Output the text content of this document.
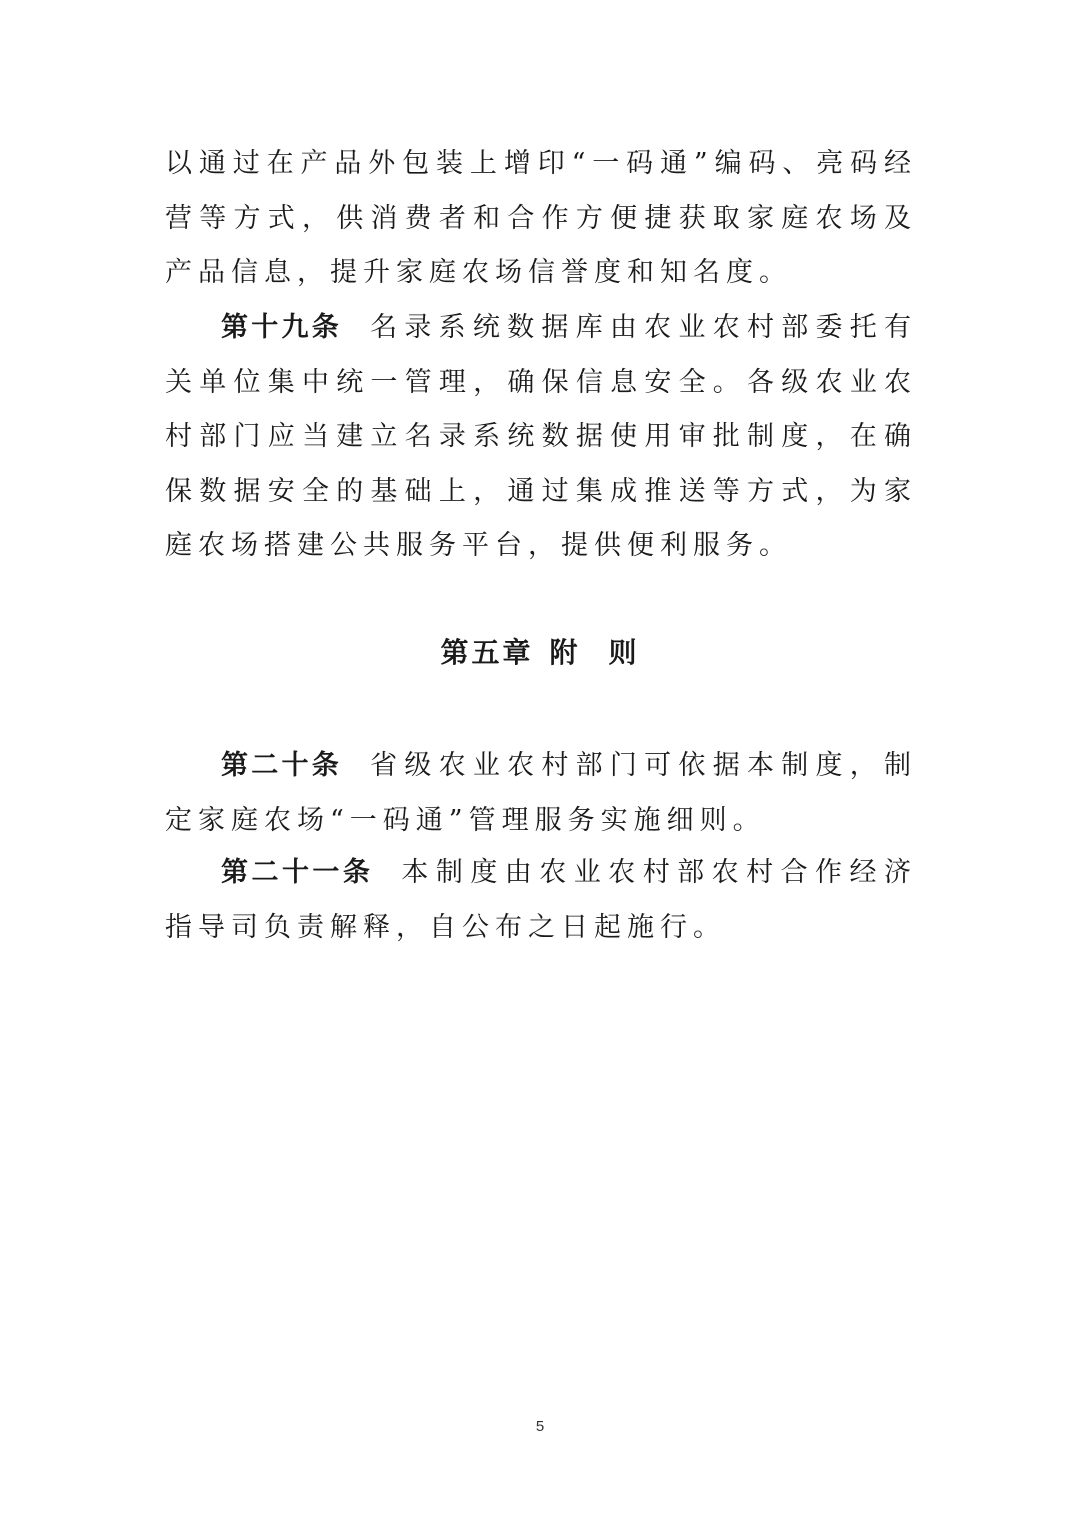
以通过在产品外包装上增印“一码通”编码、亮码经营等方式，供消费者和合作方便捷获取家庭农场及产品信息，提升家庭农场信誉度和知名度。
第十九条 名录系统数据库由农业农村部委托有关单位集中统一管理，确保信息安全。各级农业农村部门应当建立名录系统数据使用审批制度，在确保数据安全的基础上，通过集成推送等方式，为家庭农场搭建公共服务平台，提供便利服务。
第五章 附 则
第二十条 省级农业农村部门可依据本制度，制定家庭农场“一码通”管理服务实施细则。
第二十一条 本制度由农业农村部农村合作经济指导司负责解释，自公布之日起施行。
5
